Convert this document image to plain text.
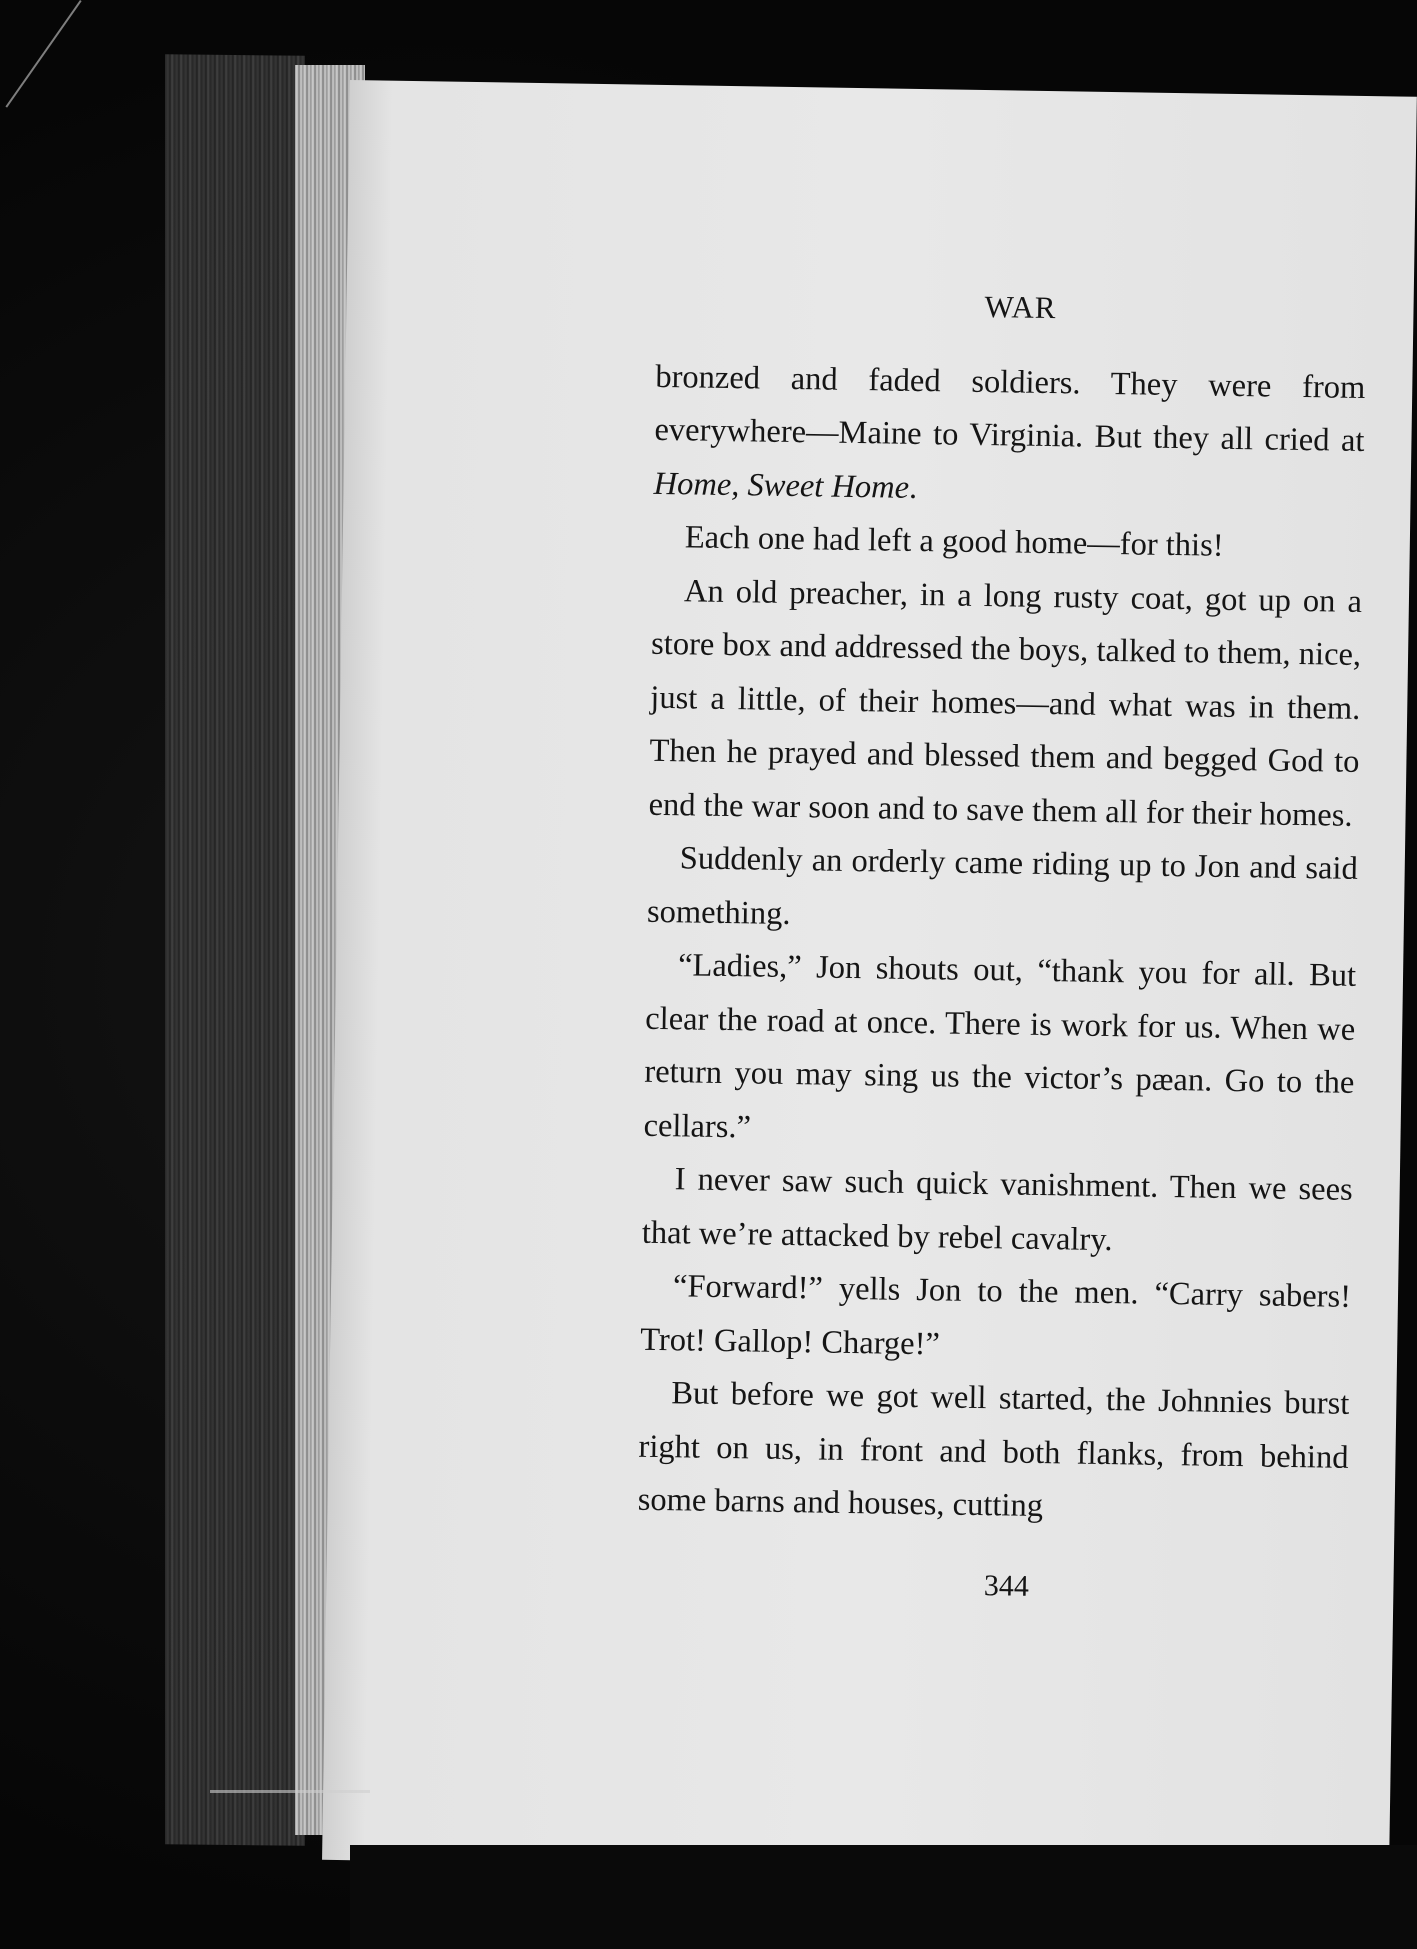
WAR

bronzed and faded soldiers. They were from everywhere—Maine to Virginia. But they all cried at Home, Sweet Home.

Each one had left a good home—for this!

An old preacher, in a long rusty coat, got up on a store box and addressed the boys, talked to them, nice, just a little, of their homes—and what was in them. Then he prayed and blessed them and begged God to end the war soon and to save them all for their homes.

Suddenly an orderly came riding up to Jon and said something.

“Ladies,” Jon shouts out, “thank you for all. But clear the road at once. There is work for us. When we return you may sing us the victor’s pæan. Go to the cellars.”

I never saw such quick vanishment. Then we sees that we’re attacked by rebel cavalry.

“Forward!” yells Jon to the men. “Carry sabers! Trot! Gallop! Charge!”

But before we got well started, the Johnnies burst right on us, in front and both flanks, from behind some barns and houses, cutting

344
